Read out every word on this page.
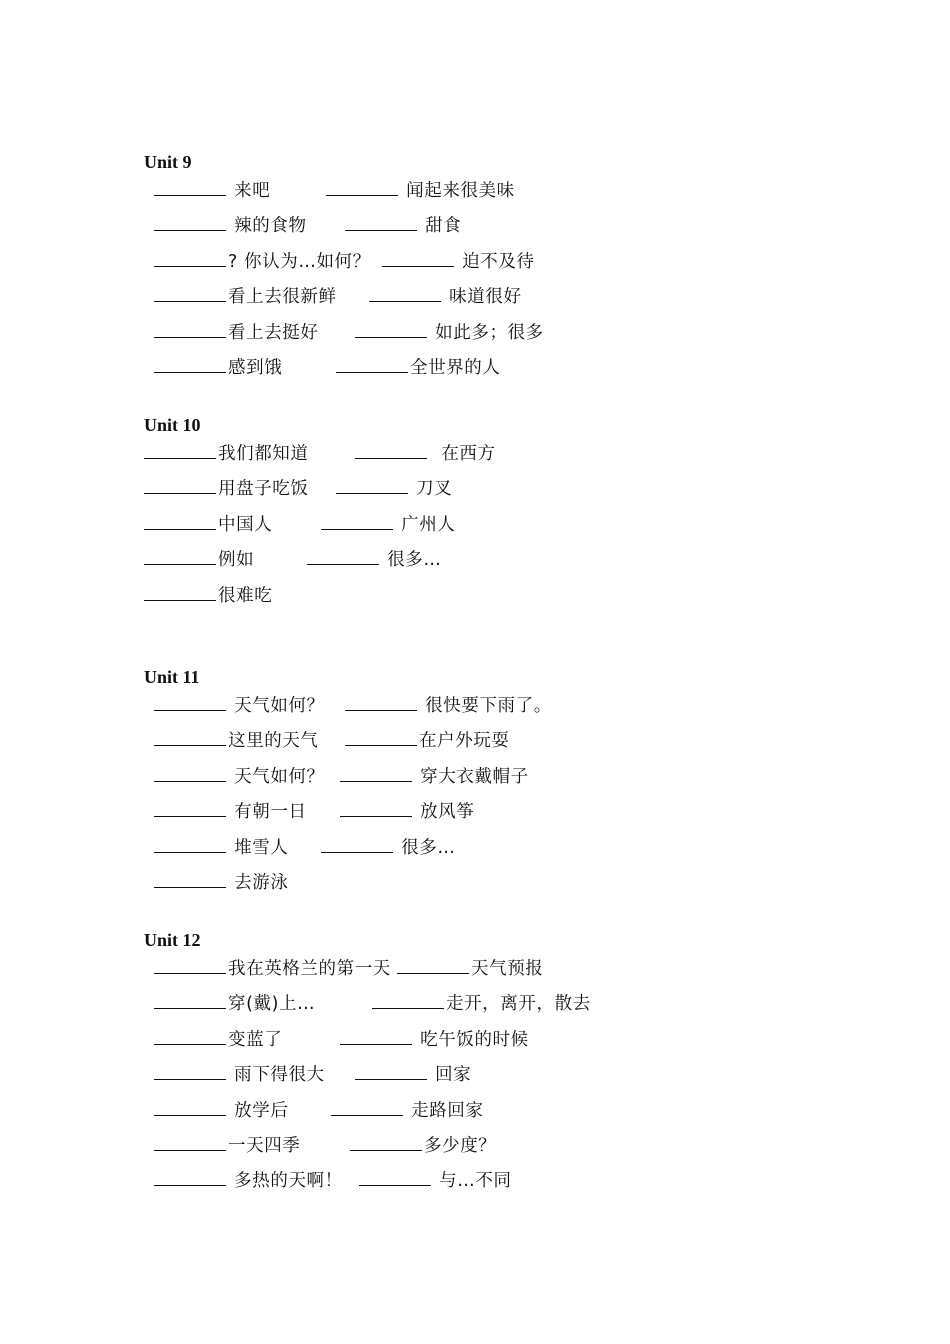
Unit 9
来吧	闻起来很美味
辣的食物	甜食
? 你认为…如何？	迫不及待
看上去很新鲜	味道很好
看上去挺好	如此多；很多
感到饿	全世界的人
Unit 10
我们都知道	在西方
用盘子吃饭	刀叉
中国人	广州人
例如	很多…
很难吃
Unit 11
天气如何？	很快要下雨了。
这里的天气	在户外玩耍
天气如何？	穿大衣戴帽子
有朝一日	放风筝
堆雪人	很多…
去游泳
Unit 12
我在英格兰的第一天	天气预报
穿(戴)上…	走开，离开，散去
变蓝了	吃午饭的时候
雨下得很大	回家
放学后	走路回家
一天四季	多少度？
多热的天啊！	与…不同
